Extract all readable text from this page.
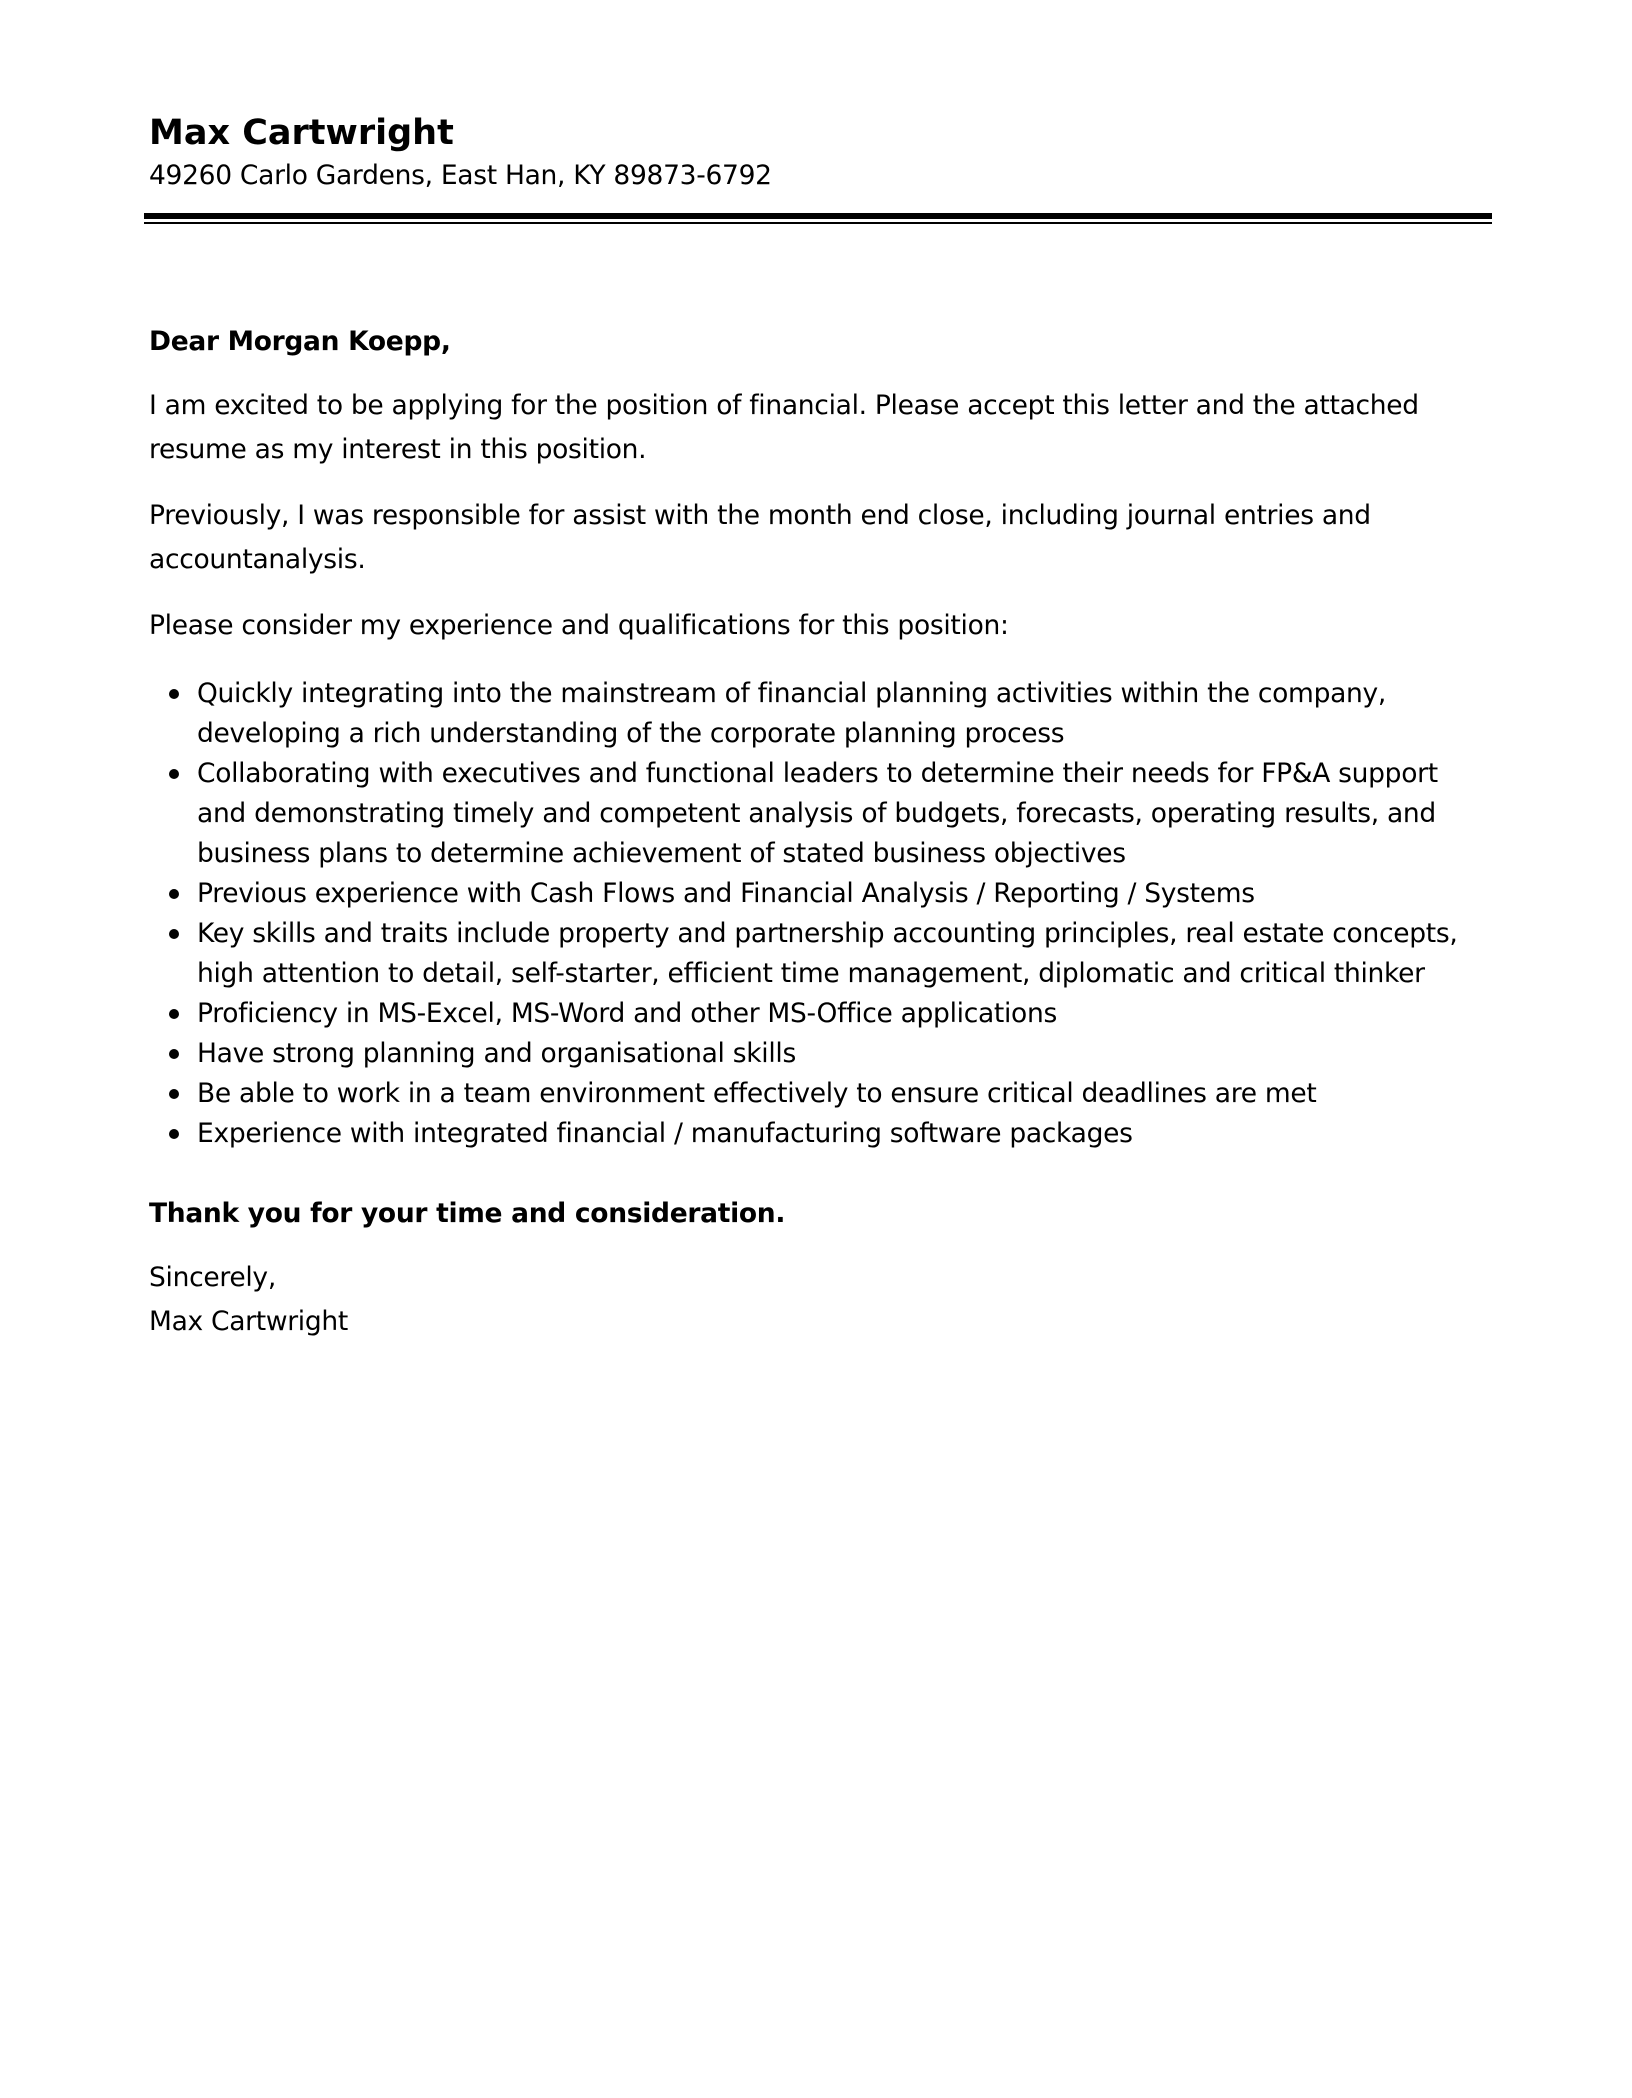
Max Cartwright
49260 Carlo Gardens, East Han, KY 89873-6792

Dear Morgan Koepp,

I am excited to be applying for the position of financial. Please accept this letter and the attached resume as my interest in this position.

Previously, I was responsible for assist with the month end close, including journal entries and accountanalysis.

Please consider my experience and qualifications for this position:

Quickly integrating into the mainstream of financial planning activities within the company, developing a rich understanding of the corporate planning process
Collaborating with executives and functional leaders to determine their needs for FP&A support and demonstrating timely and competent analysis of budgets, forecasts, operating results, and business plans to determine achievement of stated business objectives
Previous experience with Cash Flows and Financial Analysis / Reporting / Systems
Key skills and traits include property and partnership accounting principles, real estate concepts, high attention to detail, self-starter, efficient time management, diplomatic and critical thinker
Proficiency in MS-Excel, MS-Word and other MS-Office applications
Have strong planning and organisational skills
Be able to work in a team environment effectively to ensure critical deadlines are met
Experience with integrated financial / manufacturing software packages

Thank you for your time and consideration.

Sincerely,

Max Cartwright
